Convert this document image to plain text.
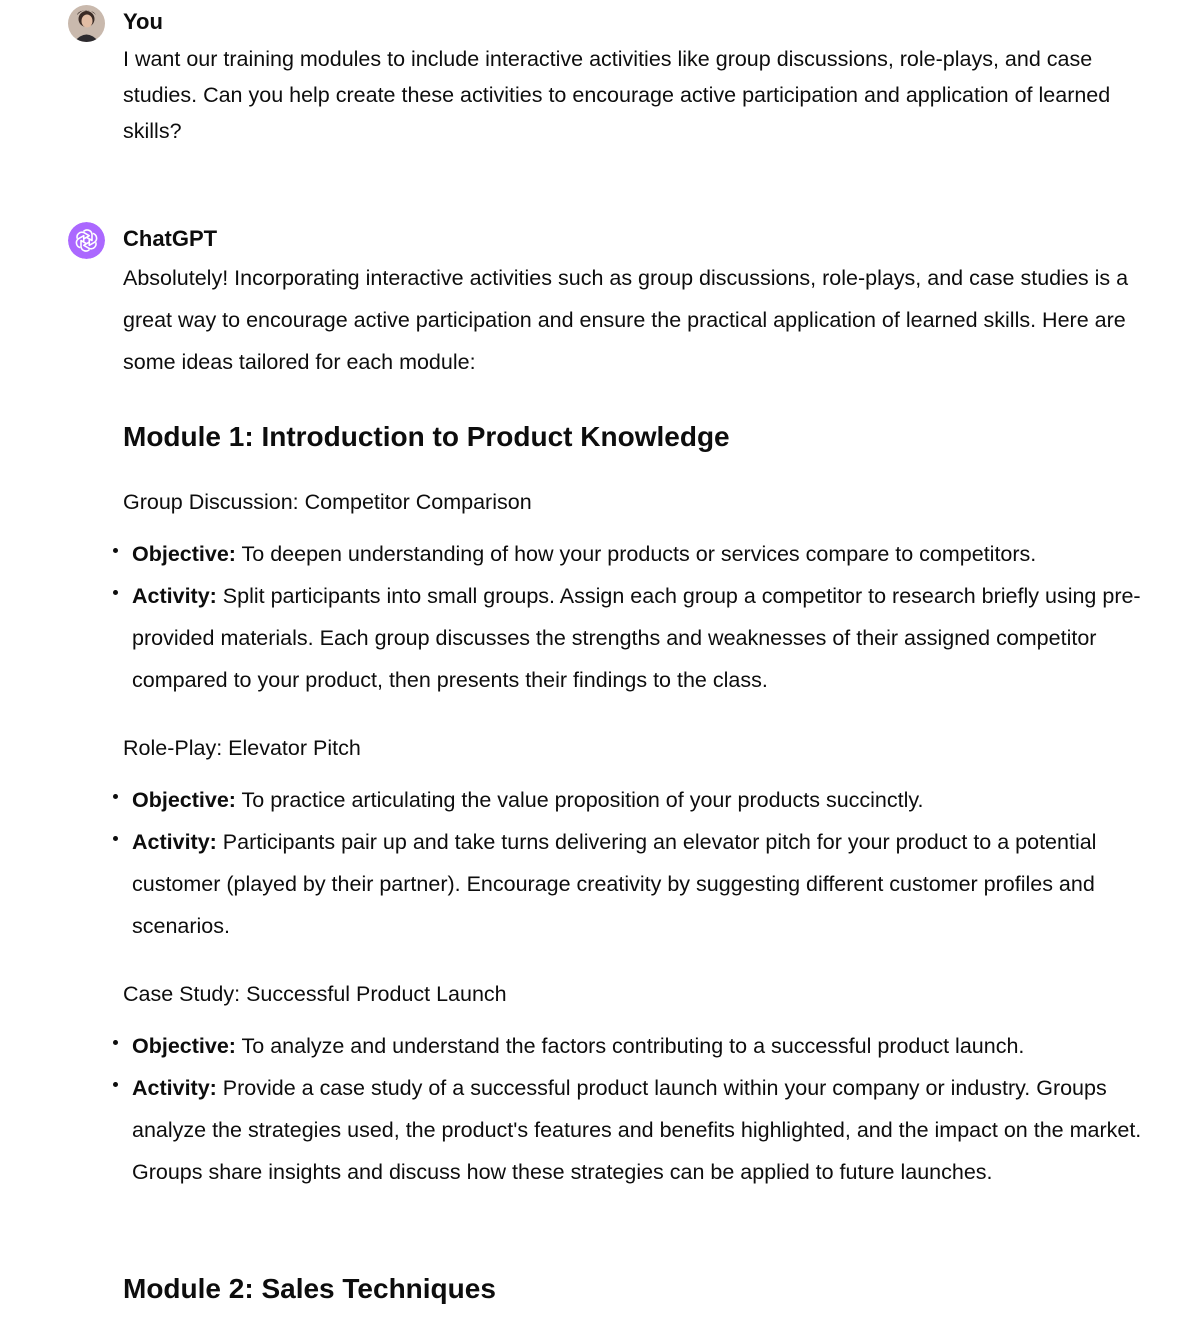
You

I want our training modules to include interactive activities like group discussions, role-plays, and case studies. Can you help create these activities to encourage active participation and application of learned skills?

ChatGPT

Absolutely! Incorporating interactive activities such as group discussions, role-plays, and case studies is a great way to encourage active participation and ensure the practical application of learned skills. Here are some ideas tailored for each module:

Module 1: Introduction to Product Knowledge

Group Discussion: Competitor Comparison

Objective: To deepen understanding of how your products or services compare to competitors.
Activity: Split participants into small groups. Assign each group a competitor to research briefly using pre-provided materials. Each group discusses the strengths and weaknesses of their assigned competitor compared to your product, then presents their findings to the class.

Role-Play: Elevator Pitch

Objective: To practice articulating the value proposition of your products succinctly.
Activity: Participants pair up and take turns delivering an elevator pitch for your product to a potential customer (played by their partner). Encourage creativity by suggesting different customer profiles and scenarios.

Case Study: Successful Product Launch

Objective: To analyze and understand the factors contributing to a successful product launch.
Activity: Provide a case study of a successful product launch within your company or industry. Groups analyze the strategies used, the product's features and benefits highlighted, and the impact on the market. Groups share insights and discuss how these strategies can be applied to future launches.
Module 2: Sales Techniques
